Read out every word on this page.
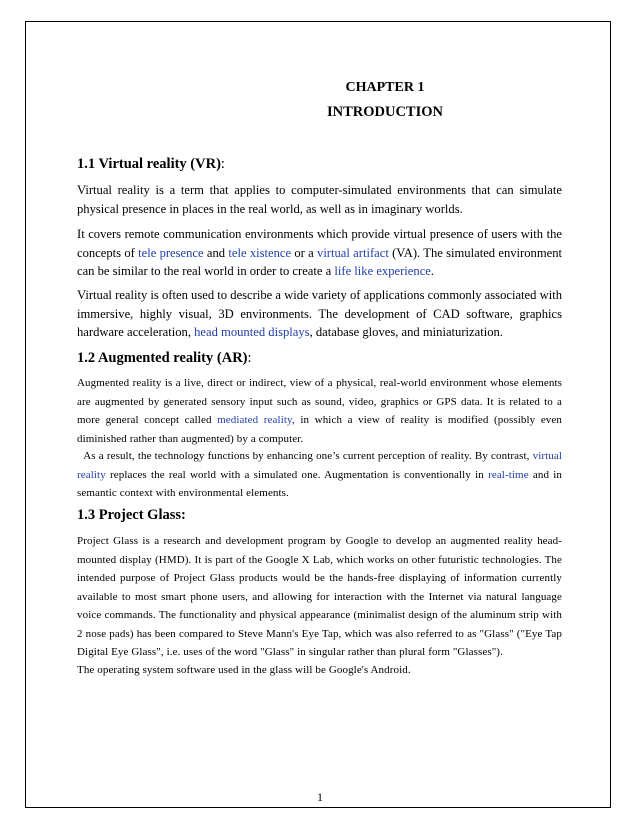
CHAPTER 1
INTRODUCTION
1.1 Virtual reality (VR):

Virtual reality is a term that applies to computer-simulated environments that can simulate physical presence in places in the real world, as well as in imaginary worlds.

It covers remote communication environments which provide virtual presence of users with the concepts of tele presence and tele xistence or a virtual artifact (VA). The simulated environment can be similar to the real world in order to create a life like experience.

Virtual reality is often used to describe a wide variety of applications commonly associated with immersive, highly visual, 3D environments. The development of CAD software, graphics hardware acceleration, head mounted displays, database gloves, and miniaturization.

1.2 Augmented reality (AR):

Augmented reality is a live, direct or indirect, view of a physical, real-world environment whose elements are augmented by generated sensory input such as sound, video, graphics or GPS data. It is related to a more general concept called mediated reality, in which a view of reality is modified (possibly even diminished rather than augmented) by a computer.

As a result, the technology functions by enhancing one’s current perception of reality. By contrast, virtual reality replaces the real world with a simulated one. Augmentation is conventionally in real-time and in semantic context with environmental elements.

1.3 Project Glass:

Project Glass is a research and development program by Google to develop an augmented reality head-mounted display (HMD). It is part of the Google X Lab, which works on other futuristic technologies. The intended purpose of Project Glass products would be the hands-free displaying of information currently available to most smart phone users, and allowing for interaction with the Internet via natural language voice commands. The functionality and physical appearance (minimalist design of the aluminum strip with 2 nose pads) has been compared to Steve Mann's Eye Tap, which was also referred to as "Glass" ("Eye Tap Digital Eye Glass", i.e. uses of the word "Glass" in singular rather than plural form "Glasses").

The operating system software used in the glass will be Google's Android.

1
